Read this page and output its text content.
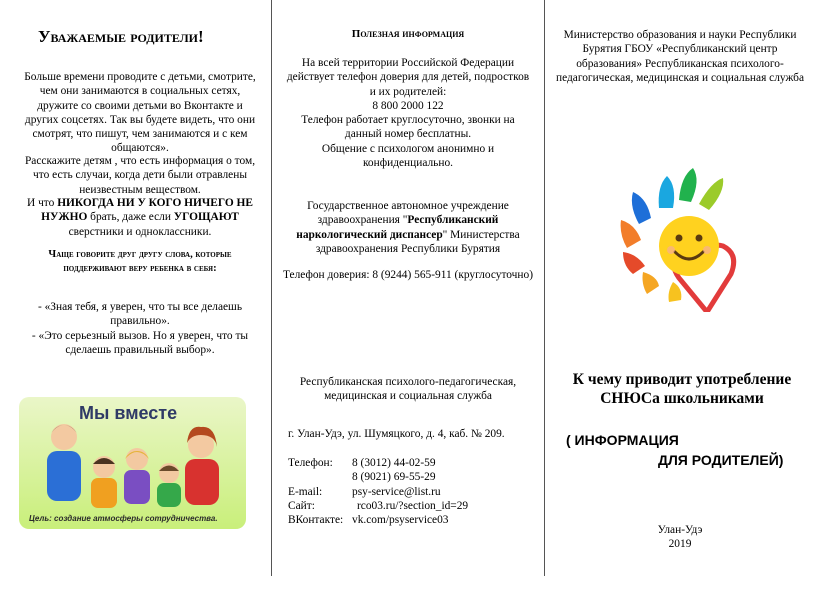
Уважаемые родители!

Больше времени проводите с детьми, смотрите, чем они занимаются в социальных сетях, дружите со своими детьми во Вконтакте и других соцсетях. Так вы будете видеть, что они смотрят, что пишут, чем занимаются и с кем общаются».

Расскажите детям , что есть информация о том, что есть случаи, когда дети были отравлены неизвестным веществом.

И что НИКОГДА НИ У КОГО НИЧЕГО НЕ НУЖНО брать, даже если УГОЩАЮТ сверстники и одноклассники.

Чаще говорите друг другу слова, которые поддерживают веру ребенка в себя:

- «Зная тебя, я уверен, что ты все делаешь правильно».

- «Это серьезный вызов. Но я уверен, что ты сделаешь правильный выбор».

Мы вместе
Цель: создание атмосферы сотрудничества.
Полезная информация

На всей территории Российской Федерации действует телефон доверия для детей, подростков и их родителей:

8 800 2000 122

Телефон работает круглосуточно, звонки на данный номер бесплатны.

Общение с психологом анонимно и конфиденциально.

Государственное автономное учреждение здравоохранения "Республиканский наркологический диспансер" Министерства здравоохранения Республики Бурятия

Телефон доверия: 8 (9244) 565-911 (круглосуточно)

Республиканская психолого-педагогическая, медицинская и социальная служба

г. Улан-Удэ, ул. Шумяцкого, д. 4, каб. № 209.

Телефон:	8 (3012) 44-02-59
	8 (9021) 69-55-29
E-mail:	psy-service@list.ru
Сайт:	rco03.ru/?section_id=29
ВКонтакте:	vk.com/psyservice03

Министерство образования и науки Республики Бурятия ГБОУ «Республиканский центр образования» Республиканская психолого-педагогическая, медицинская и социальная служба

К чему приводит употребление СНЮСа школьниками

( ИНФОРМАЦИЯ
ДЛЯ РОДИТЕЛЕЙ)

Улан-Удэ

2019
